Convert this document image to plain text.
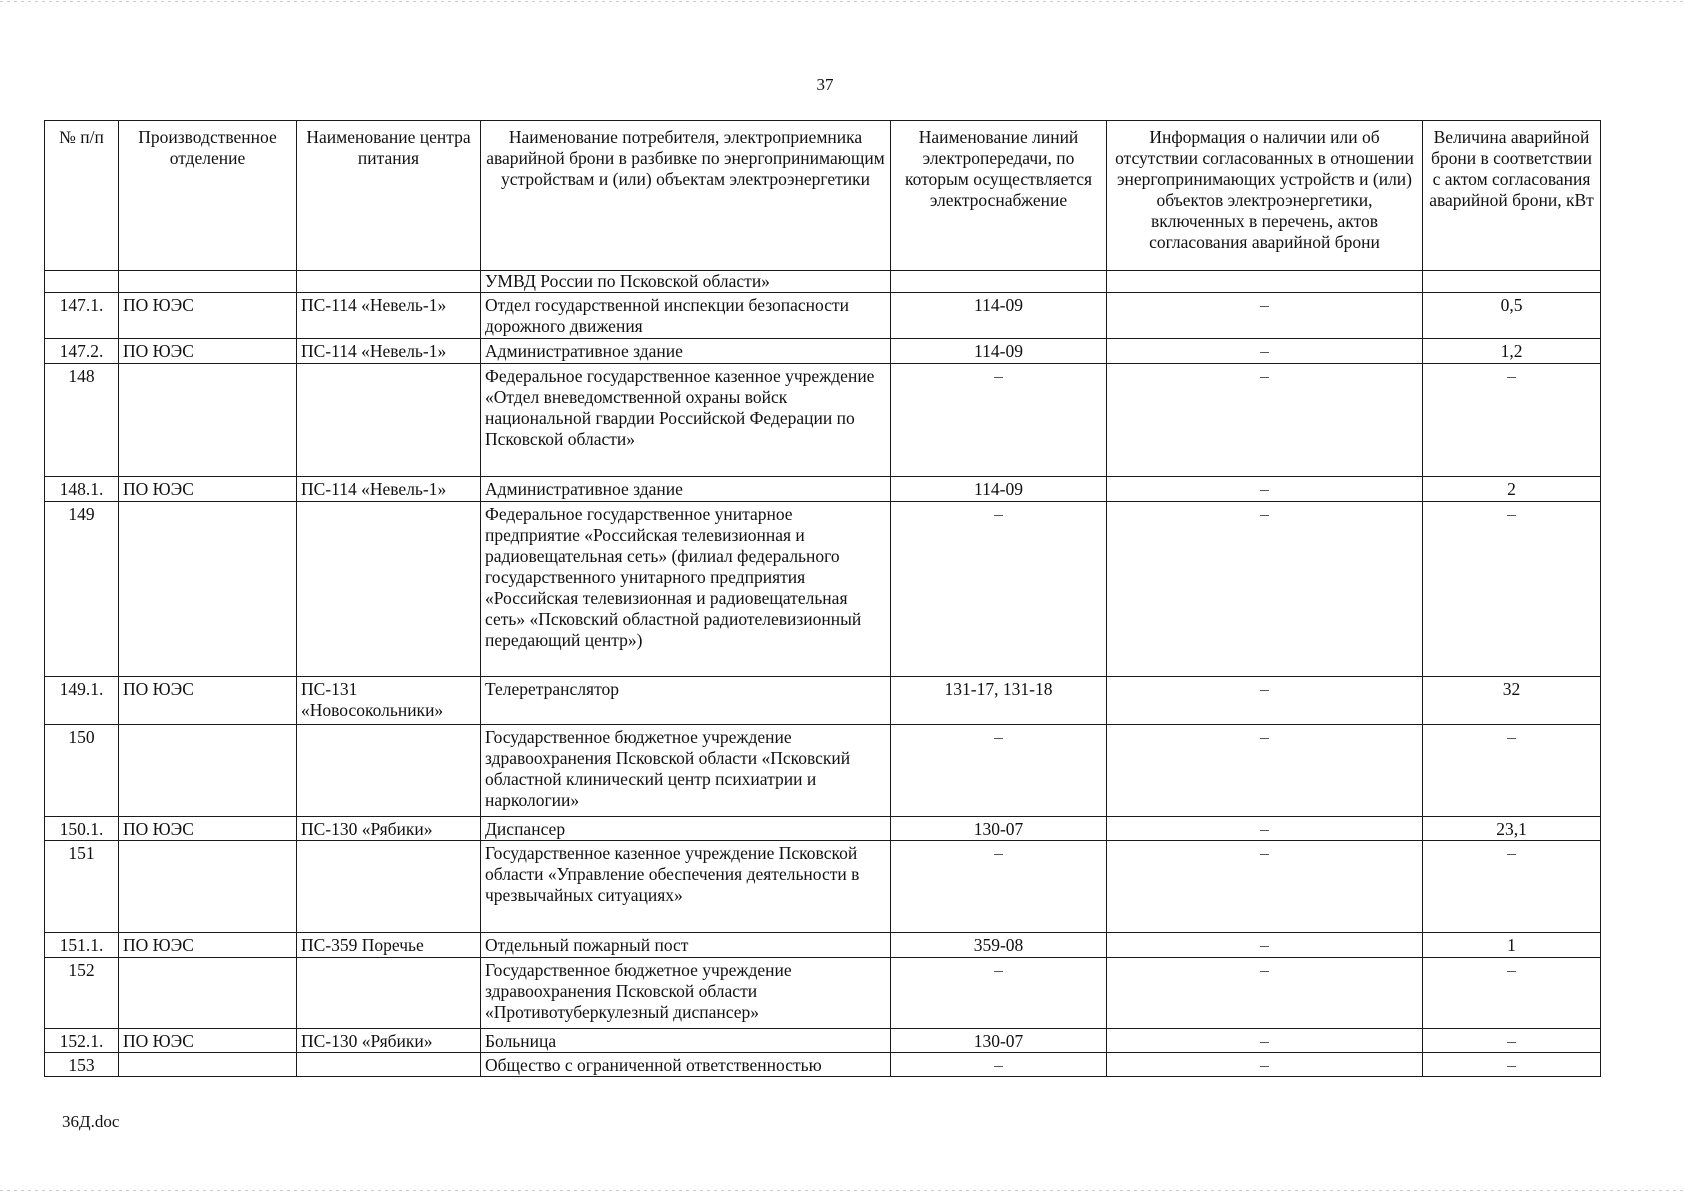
37
№ п/п	Производственное отделение	Наименование центра питания	Наименование потребителя, электроприемника аварийной брони в разбивке по энергопринимающим устройствам и (или) объектам электроэнергетики	Наименование линий электропередачи, по которым осуществляется электроснабжение	Информация о наличии или об отсутствии согласованных в отношении энергопринимающих устройств и (или) объектов электроэнергетики, включенных в перечень, актов согласования аварийной брони	Величина аварийной брони в соответствии с актом согласования аварийной брони, кВт
			УМВД России по Псковской области»			
147.1.	ПО ЮЭС	ПС-114 «Невель-1»	Отдел государственной инспекции безопасности дорожного движения	114-09	–	0,5
147.2.	ПО ЮЭС	ПС-114 «Невель-1»	Административное здание	114-09	–	1,2
148			Федеральное государственное казенное учреждение «Отдел вневедомственной охраны войск национальной гвардии Российской Федерации по Псковской области»	–	–	–
148.1.	ПО ЮЭС	ПС-114 «Невель-1»	Административное здание	114-09	–	2
149			Федеральное государственное унитарное предприятие «Российская телевизионная и радиовещательная сеть» (филиал федерального государственного унитарного предприятия «Российская телевизионная и радиовещательная сеть» «Псковский областной радиотелевизионный передающий центр»)	–	–	–
149.1.	ПО ЮЭС	ПС-131 «Новосокольники»	Телеретранслятор	131-17, 131-18	–	32
150			Государственное бюджетное учреждение здравоохранения Псковской области «Псковский областной клинический центр психиатрии и наркологии»	–	–	–
150.1.	ПО ЮЭС	ПС-130 «Рябики»	Диспансер	130-07	–	23,1
151			Государственное казенное учреждение Псковской области «Управление обеспечения деятельности в чрезвычайных ситуациях»	–	–	–
151.1.	ПО ЮЭС	ПС-359 Поречье	Отдельный пожарный пост	359-08	–	1
152			Государственное бюджетное учреждение здравоохранения Псковской области «Противотуберкулезный диспансер»	–	–	–
152.1.	ПО ЮЭС	ПС-130 «Рябики»	Больница	130-07	–	–
153			Общество с ограниченной ответственностью	–	–	–
36Д.doc
